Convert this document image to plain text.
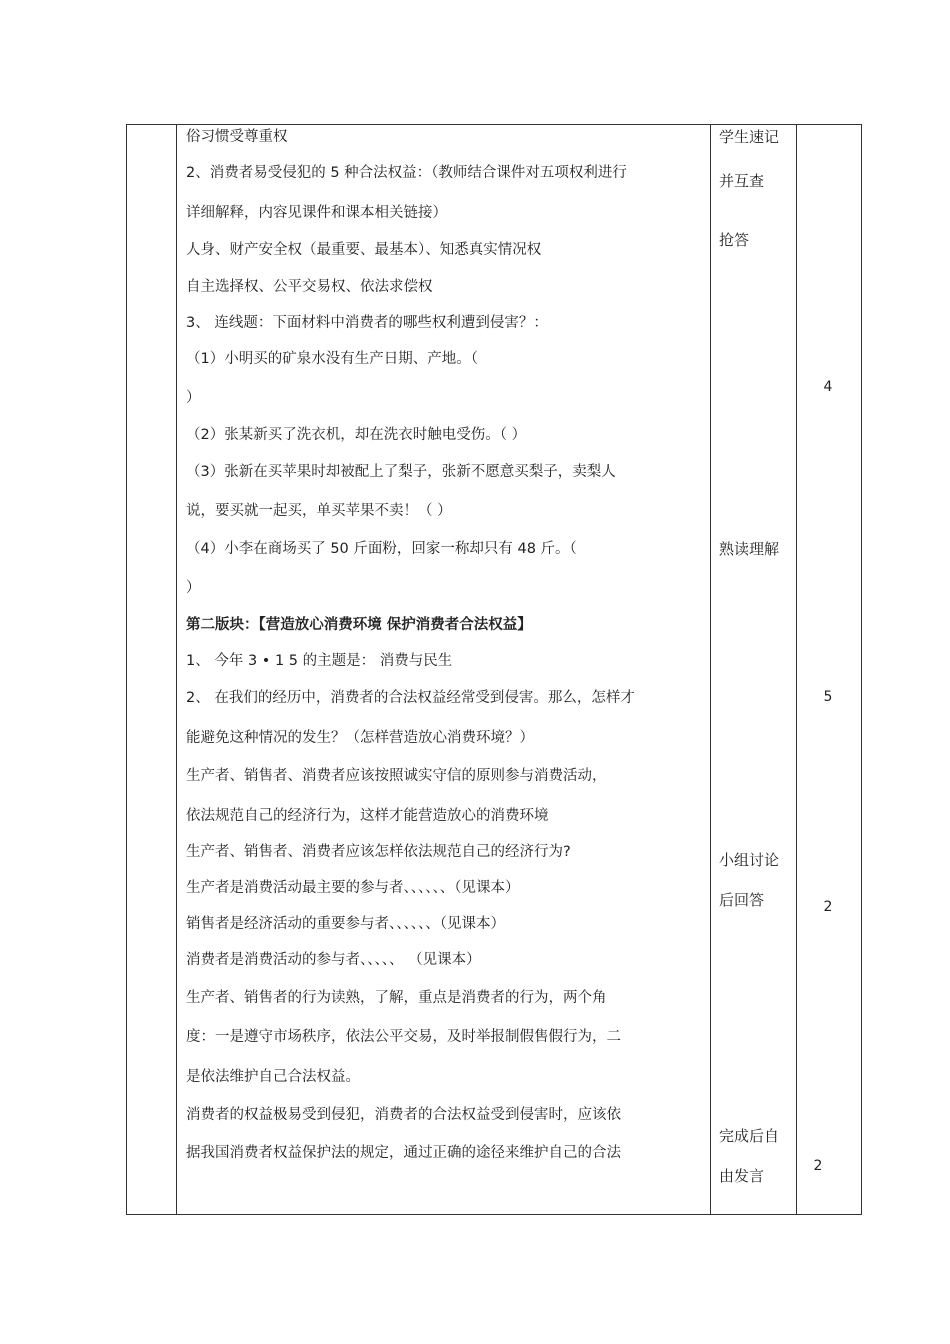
俗习惯受尊重权
2、消费者易受侵犯的 5 种合法权益：（教师结合课件对五项权利进行
详细解释，内容见课件和课本相关链接）
人身、财产安全权（最重要、最基本）、知悉真实情况权
自主选择权、公平交易权、依法求偿权
3、 连线题：下面材料中消费者的哪些权利遭到侵害？：
（1）小明买的矿泉水没有生产日期、产地。（
）
（2）张某新买了洗衣机，却在洗衣时触电受伤。（ ）
（3）张新在买苹果时却被配上了梨子，张新不愿意买梨子，卖梨人
说，要买就一起买，单买苹果不卖！（ ）
（4）小李在商场买了 50 斤面粉，回家一称却只有 48 斤。（
）
第二版块：【营造放心消费环境 保护消费者合法权益】
1、 今年 3 • 1 5 的主题是： 消费与民生
2、 在我们的经历中，消费者的合法权益经常受到侵害。那么，怎样才
能避免这种情况的发生？（怎样营造放心消费环境？）
生产者、销售者、消费者应该按照诚实守信的原则参与消费活动，
依法规范自己的经济行为，这样才能营造放心的消费环境
生产者、销售者、消费者应该怎样依法规范自己的经济行为?
生产者是消费活动最主要的参与者、、、、、、（见课本）
销售者是经济活动的重要参与者、、、、、、（见课本）
消费者是消费活动的参与者、、、、、 （见课本）
生产者、销售者的行为读熟，了解，重点是消费者的行为，两个角
度：一是遵守市场秩序，依法公平交易，及时举报制假售假行为，二
是依法维护自己合法权益。
消费者的权益极易受到侵犯，消费者的合法权益受到侵害时，应该依
据我国消费者权益保护法的规定，通过正确的途径来维护自己的合法
学生速记
并互查
抢答
熟读理解
小组讨论
后回答
完成后自
由发言
4
5
2
2
